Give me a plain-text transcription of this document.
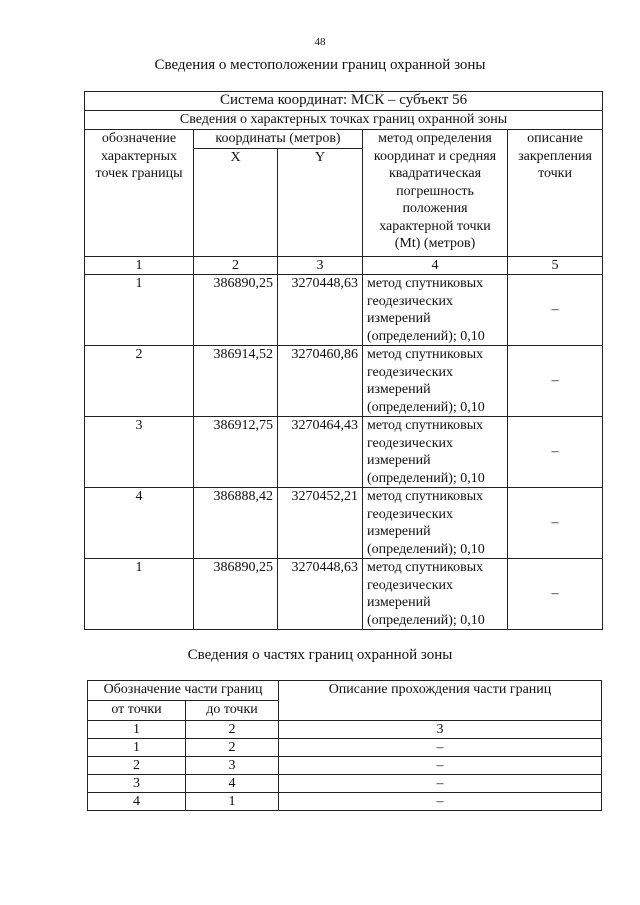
48
Сведения о местоположении границ охранной зоны
Система координат: МСК – субъект 56				
Сведения о характерных точках границ охранной зоны				
обозначение характерных точек границы	координаты (метров)		метод определения координат и средняя квадратическая погрешность положения характерной точки (Mt) (метров)	описание закрепления точки
	X	Y		
1	2	3	4	5
1	386890,25	3270448,63	метод спутниковых геодезических измерений (определений); 0,10	–
2	386914,52	3270460,86	метод спутниковых геодезических измерений (определений); 0,10	–
3	386912,75	3270464,43	метод спутниковых геодезических измерений (определений); 0,10	–
4	386888,42	3270452,21	метод спутниковых геодезических измерений (определений); 0,10	–
1	386890,25	3270448,63	метод спутниковых геодезических измерений (определений); 0,10	–
Сведения о частях границ охранной зоны
Обозначение части границ		Описание прохождения части границ
от точки	до точки	
1	2	3
1	2	–
2	3	–
3	4	–
4	1	–
